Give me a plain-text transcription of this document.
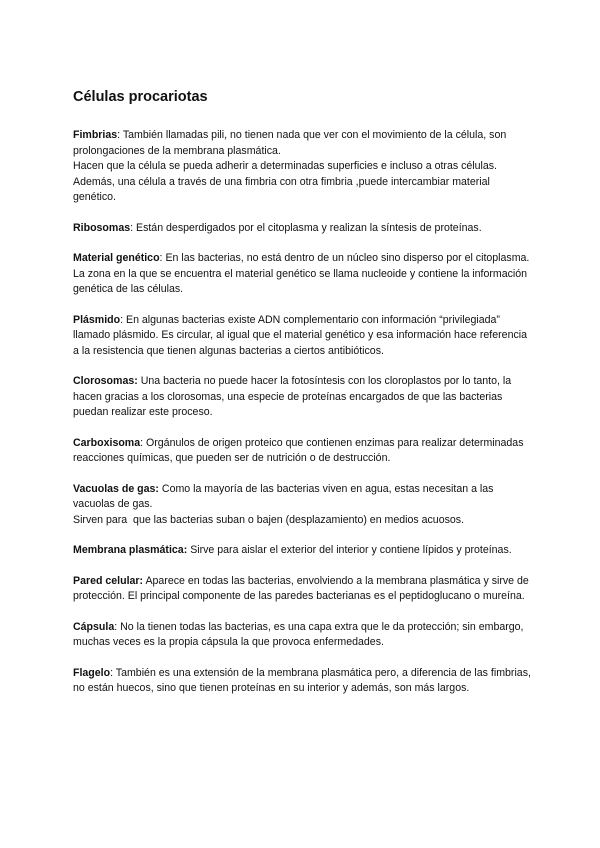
Células procariotas

Fimbrias: También llamadas pili, no tienen nada que ver con el movimiento de la célula, son prolongaciones de la membrana plasmática.

Hacen que la célula se pueda adherir a determinadas superficies e incluso a otras células. Además, una célula a través de una fimbria con otra fimbria ,puede intercambiar material genético.

Ribosomas: Están desperdigados por el citoplasma y realizan la síntesis de proteínas.

Material genético: En las bacterias, no está dentro de un núcleo sino disperso por el citoplasma. La zona en la que se encuentra el material genético se llama nucleoide y contiene la información genética de las células.

Plásmido: En algunas bacterias existe ADN complementario con información “privilegiada” llamado plásmido. Es circular, al igual que el material genético y esa información hace referencia a la resistencia que tienen algunas bacterias a ciertos antibióticos.

Clorosomas: Una bacteria no puede hacer la fotosíntesis con los cloroplastos por lo tanto, la hacen gracias a los clorosomas, una especie de proteínas encargados de que las bacterias puedan realizar este proceso.

Carboxisoma: Orgánulos de origen proteico que contienen enzimas para realizar determinadas reacciones químicas, que pueden ser de nutrición o de destrucción.

Vacuolas de gas: Como la mayoría de las bacterias viven en agua, estas necesitan a las vacuolas de gas.

Sirven para  que las bacterias suban o bajen (desplazamiento) en medios acuosos.

Membrana plasmática: Sirve para aislar el exterior del interior y contiene lípidos y proteínas.

Pared celular: Aparece en todas las bacterias, envolviendo a la membrana plasmática y sirve de protección. El principal componente de las paredes bacterianas es el peptidoglucano o mureína.

Cápsula: No la tienen todas las bacterias, es una capa extra que le da protección; sin embargo, muchas veces es la propia cápsula la que provoca enfermedades.

Flagelo: También es una extensión de la membrana plasmática pero, a diferencia de las fimbrias, no están huecos, sino que tienen proteínas en su interior y además, son más largos.
